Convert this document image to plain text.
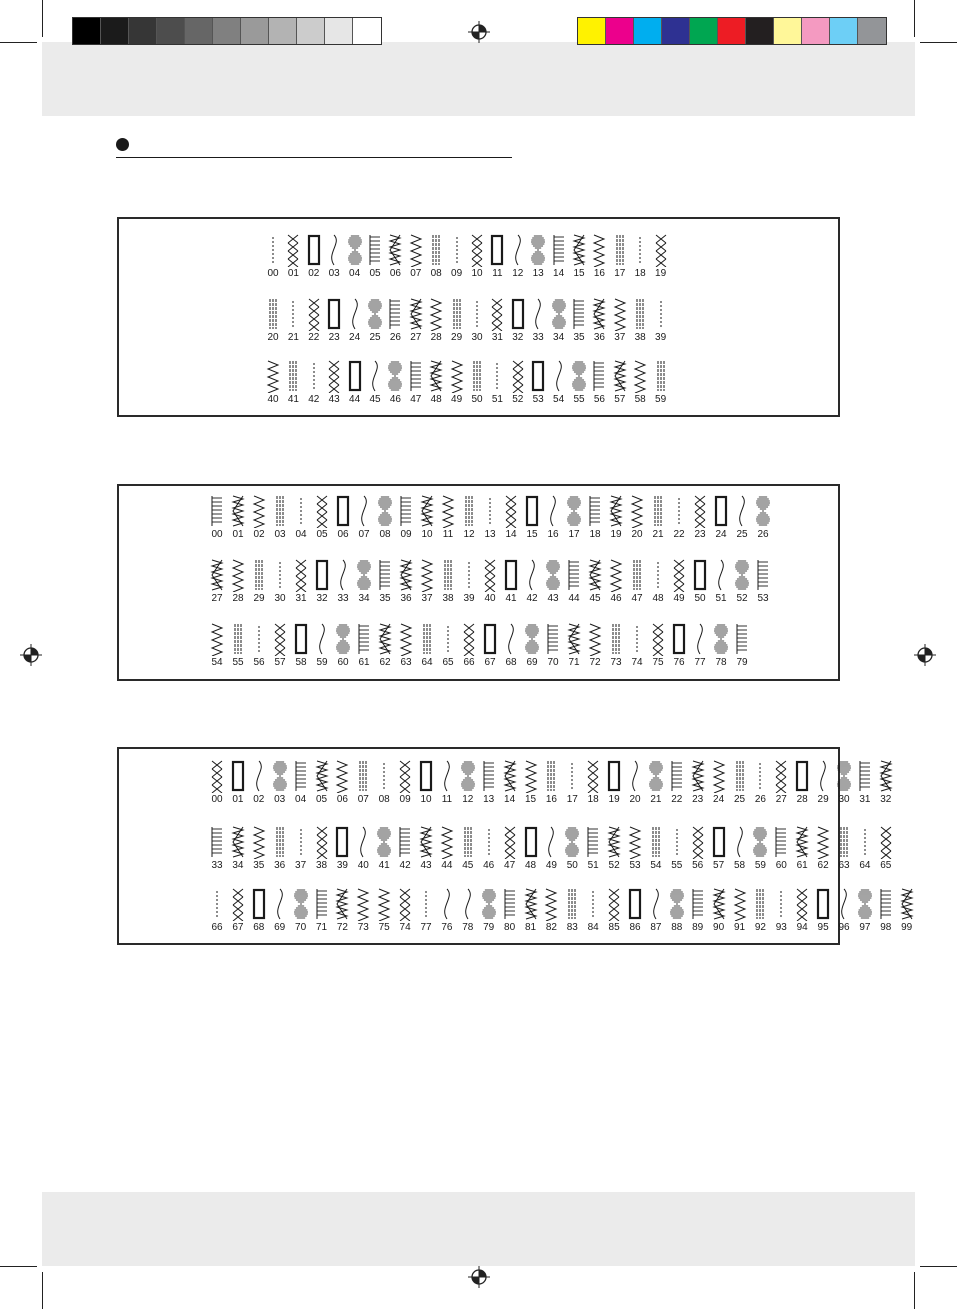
00 01 02 03 04 05 06 07 08 09 10 11 12 13 14 15 16 17 18 19
20 21 22 23 24 25 26 27 28 29 30 31 32 33 34 35 36 37 38 39
40 41 42 43 44 45 46 47 48 49 50 51 52 53 54 55 56 57 58 59
00 01 02 03 04 05 06 07 08 09 10 11 12 13 14 15 16 17 18 19 20 21 22 23 24 25 26
27 28 29 30 31 32 33 34 35 36 37 38 39 40 41 42 43 44 45 46 47 48 49 50 51 52 53
54 55 56 57 58 59 60 61 62 63 64 65 66 67 68 69 70 71 72 73 74 75 76 77 78 79
00 01 02 03 04 05 06 07 08 09 10 11 12 13 14 15 16 17 18 19 20 21 22 23 24 25 26 27 28 29 30 31 32
33 34 35 36 37 38 39 40 41 42 43 44 45 46 47 48 49 50 51 52 53 54 55 56 57 58 59 60 61 62 63 64 65
66 67 68 69 70 71 72 73 75 74 77 76 78 79 80 81 82 83 84 85 86 87 88 89 90 91 92 93 94 95 96 97 98 99
